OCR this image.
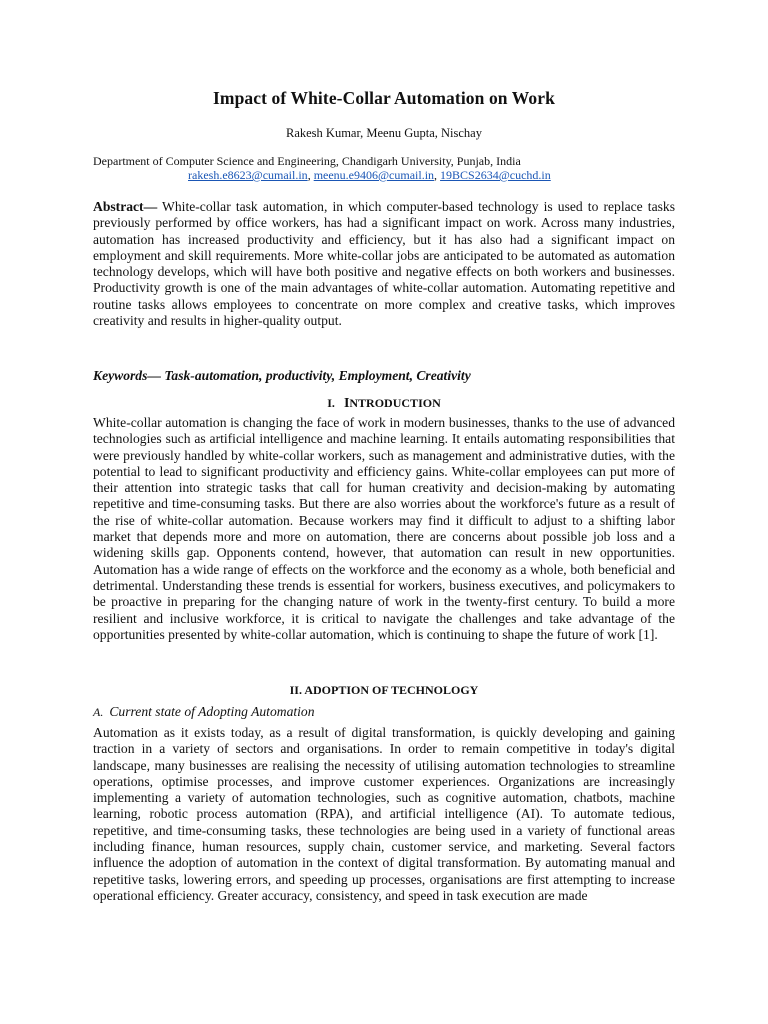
Impact of White-Collar Automation on Work
Rakesh Kumar, Meenu Gupta, Nischay
Department of Computer Science and Engineering, Chandigarh University, Punjab, India
rakesh.e8623@cumail.in, meenu.e9406@cumail.in, 19BCS2634@cuchd.in
Abstract— White-collar task automation, in which computer-based technology is used to replace tasks previously performed by office workers, has had a significant impact on work. Across many industries, automation has increased productivity and efficiency, but it has also had a significant impact on employment and skill requirements. More white-collar jobs are anticipated to be automated as automation technology develops, which will have both positive and negative effects on both workers and businesses. Productivity growth is one of the main advantages of white-collar automation. Automating repetitive and routine tasks allows employees to concentrate on more complex and creative tasks, which improves creativity and results in higher-quality output.
Keywords— Task-automation, productivity, Employment, Creativity
I. INTRODUCTION
White-collar automation is changing the face of work in modern businesses, thanks to the use of advanced technologies such as artificial intelligence and machine learning. It entails automating responsibilities that were previously handled by white-collar workers, such as management and administrative duties, with the potential to lead to significant productivity and efficiency gains. White-collar employees can put more of their attention into strategic tasks that call for human creativity and decision-making by automating repetitive and time-consuming tasks. But there are also worries about the workforce's future as a result of the rise of white-collar automation. Because workers may find it difficult to adjust to a shifting labor market that depends more and more on automation, there are concerns about possible job loss and a widening skills gap. Opponents contend, however, that automation can result in new opportunities. Automation has a wide range of effects on the workforce and the economy as a whole, both beneficial and detrimental. Understanding these trends is essential for workers, business executives, and policymakers to be proactive in preparing for the changing nature of work in the twenty-first century. To build a more resilient and inclusive workforce, it is critical to navigate the challenges and take advantage of the opportunities presented by white-collar automation, which is continuing to shape the future of work [1].
II. ADOPTION OF TECHNOLOGY
A. Current state of Adopting Automation
Automation as it exists today, as a result of digital transformation, is quickly developing and gaining traction in a variety of sectors and organisations. In order to remain competitive in today's digital landscape, many businesses are realising the necessity of utilising automation technologies to streamline operations, optimise processes, and improve customer experiences. Organizations are increasingly implementing a variety of automation technologies, such as cognitive automation, chatbots, machine learning, robotic process automation (RPA), and artificial intelligence (AI). To automate tedious, repetitive, and time-consuming tasks, these technologies are being used in a variety of functional areas including finance, human resources, supply chain, customer service, and marketing. Several factors influence the adoption of automation in the context of digital transformation. By automating manual and repetitive tasks, lowering errors, and speeding up processes, organisations are first attempting to increase operational efficiency. Greater accuracy, consistency, and speed in task execution are made
